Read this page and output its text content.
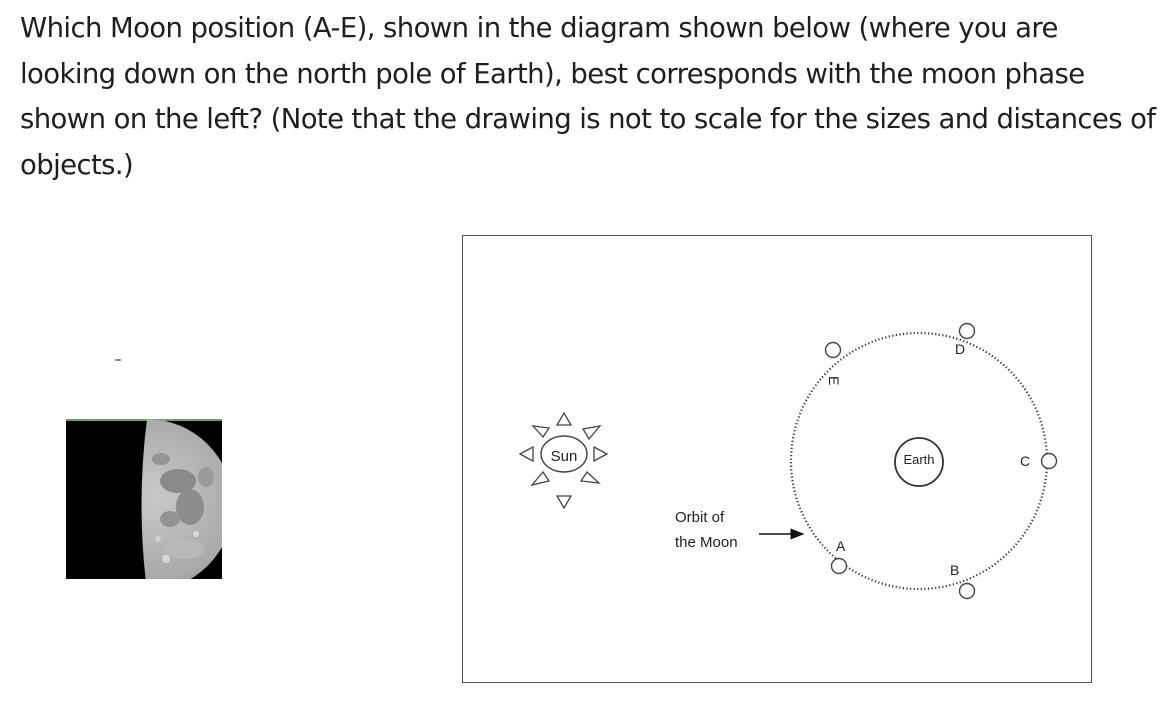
Which Moon position (A-E), shown in the diagram shown below (where you are looking down on the north pole of Earth), best corresponds with the moon phase shown on the left? (Note that the drawing is not to scale for the sizes and distances of objects.)

Sun	Earth
E
D
C
B
A
Orbit of
the Moon
